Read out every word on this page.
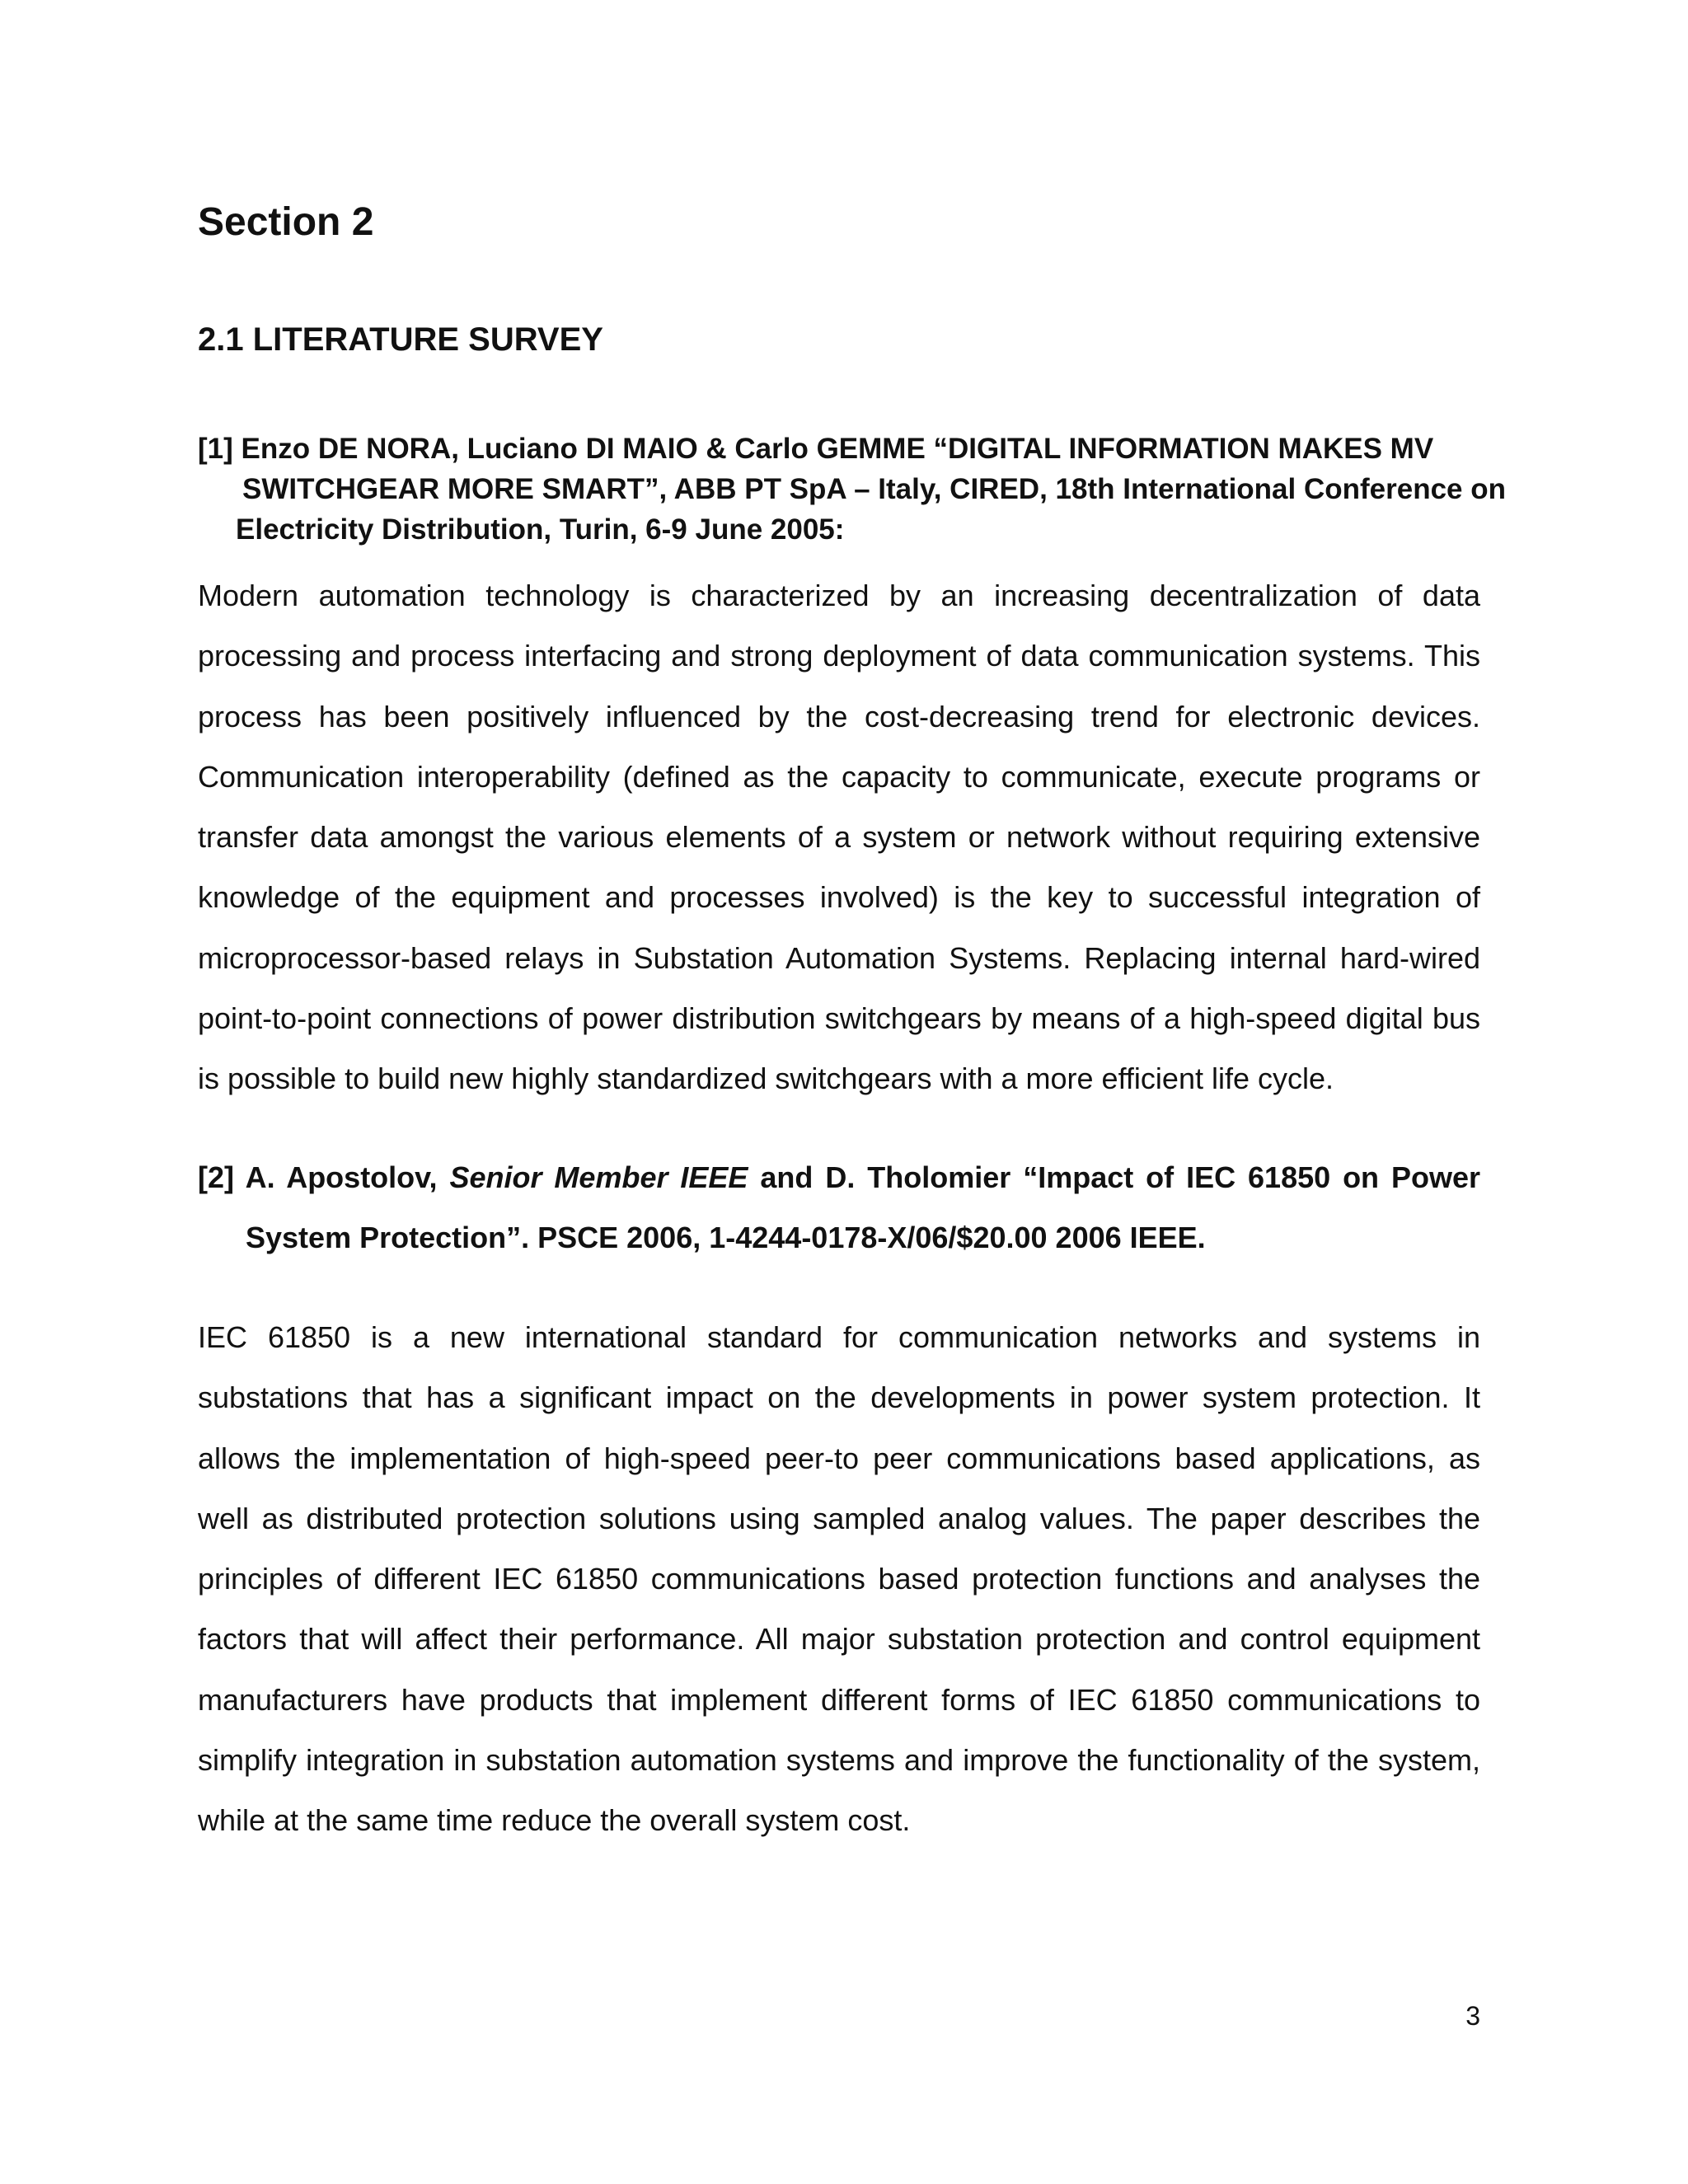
Section 2
2.1 LITERATURE SURVEY
[1] Enzo DE NORA, Luciano DI MAIO & Carlo GEMME “DIGITAL INFORMATION MAKES MV
SWITCHGEAR MORE SMART”, ABB PT SpA – Italy, CIRED, 18th International Conference on
Electricity Distribution, Turin, 6-9 June 2005:

Modern automation technology is characterized by an increasing decentralization of data processing and process interfacing and strong deployment of data communication systems. This process has been positively influenced by the cost-decreasing trend for electronic devices. Communication interoperability (defined as the capacity to communicate, execute programs or transfer data amongst the various elements of a system or network without requiring extensive knowledge of the equipment and processes involved) is the key to successful integration of microprocessor-based relays in Substation Automation Systems. Replacing internal hard-wired point-to-point connections of power distribution switchgears by means of a high-speed digital bus is possible to build new highly standardized switchgears with a more efficient life cycle.

[2] A. Apostolov, Senior Member IEEE and D. Tholomier “Impact of IEC 61850 on Power
System Protection”. PSCE 2006, 1-4244-0178-X/06/$20.00 2006 IEEE.

IEC 61850 is a new international standard for communication networks and systems in substations that has a significant impact on the developments in power system protection. It allows the implementation of high-speed peer-to peer communications based applications, as well as distributed protection solutions using sampled analog values. The paper describes the principles of different IEC 61850 communications based protection functions and analyses the factors that will affect their performance. All major substation protection and control equipment manufacturers have products that implement different forms of IEC 61850 communications to simplify integration in substation automation systems and improve the functionality of the system, while at the same time reduce the overall system cost.

3
